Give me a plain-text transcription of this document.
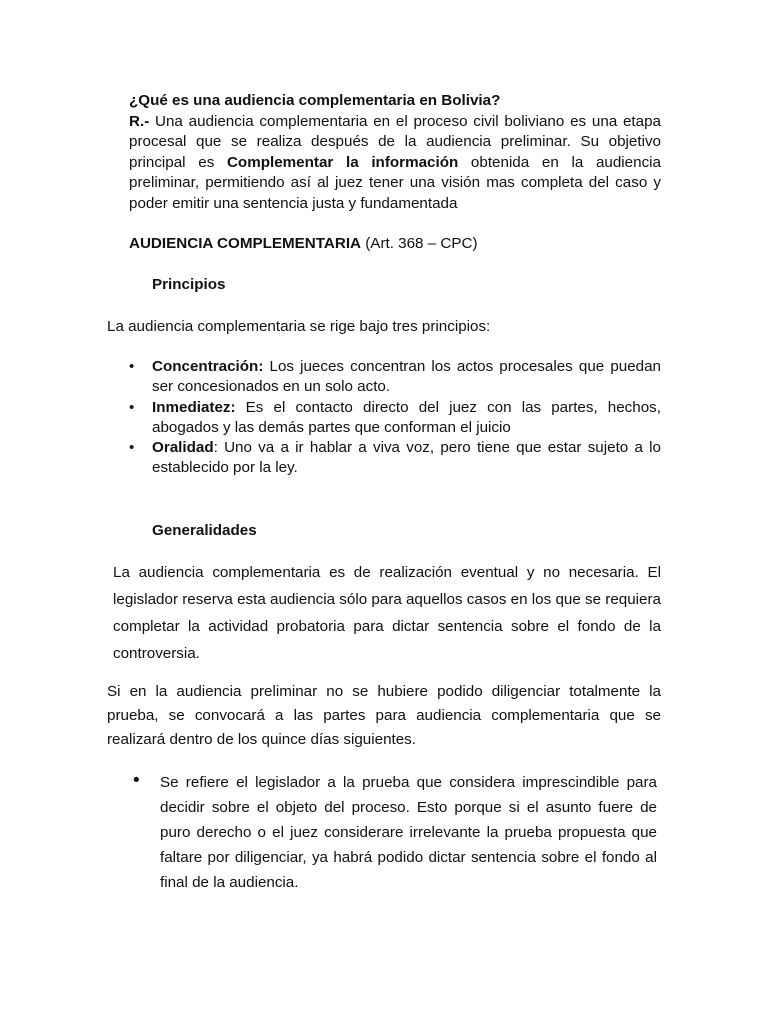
¿Qué es una audiencia complementaria en Bolivia?
R.- Una audiencia complementaria en el proceso civil boliviano es una etapa procesal que se realiza después de la audiencia preliminar. Su objetivo principal es Complementar la información obtenida en la audiencia preliminar, permitiendo así al juez tener una visión mas completa del caso y poder emitir una sentencia justa y fundamentada
AUDIENCIA COMPLEMENTARIA (Art. 368 – CPC)
Principios
La audiencia complementaria se rige bajo tres principios:
•	Concentración: Los jueces concentran los actos procesales que puedan ser concesionados en un solo acto.
•	Inmediatez: Es el contacto directo del juez con las partes, hechos, abogados y las demás partes que conforman el juicio
•	Oralidad: Uno va a ir hablar a viva voz, pero tiene que estar sujeto a lo establecido por la ley.
Generalidades

La audiencia complementaria es de realización eventual y no necesaria. El legislador reserva esta audiencia sólo para aquellos casos en los que se requiera completar la actividad probatoria para dictar sentencia sobre el fondo de la controversia.

Si en la audiencia preliminar no se hubiere podido diligenciar totalmente la prueba, se convocará a las partes para audiencia complementaria que se realizará dentro de los quince días siguientes.

• Se refiere el legislador a la prueba que considera imprescindible para decidir sobre el objeto del proceso. Esto porque si el asunto fuere de puro derecho o el juez considerare irrelevante la prueba propuesta que faltare por diligenciar, ya habrá podido dictar sentencia sobre el fondo al final de la audiencia.
